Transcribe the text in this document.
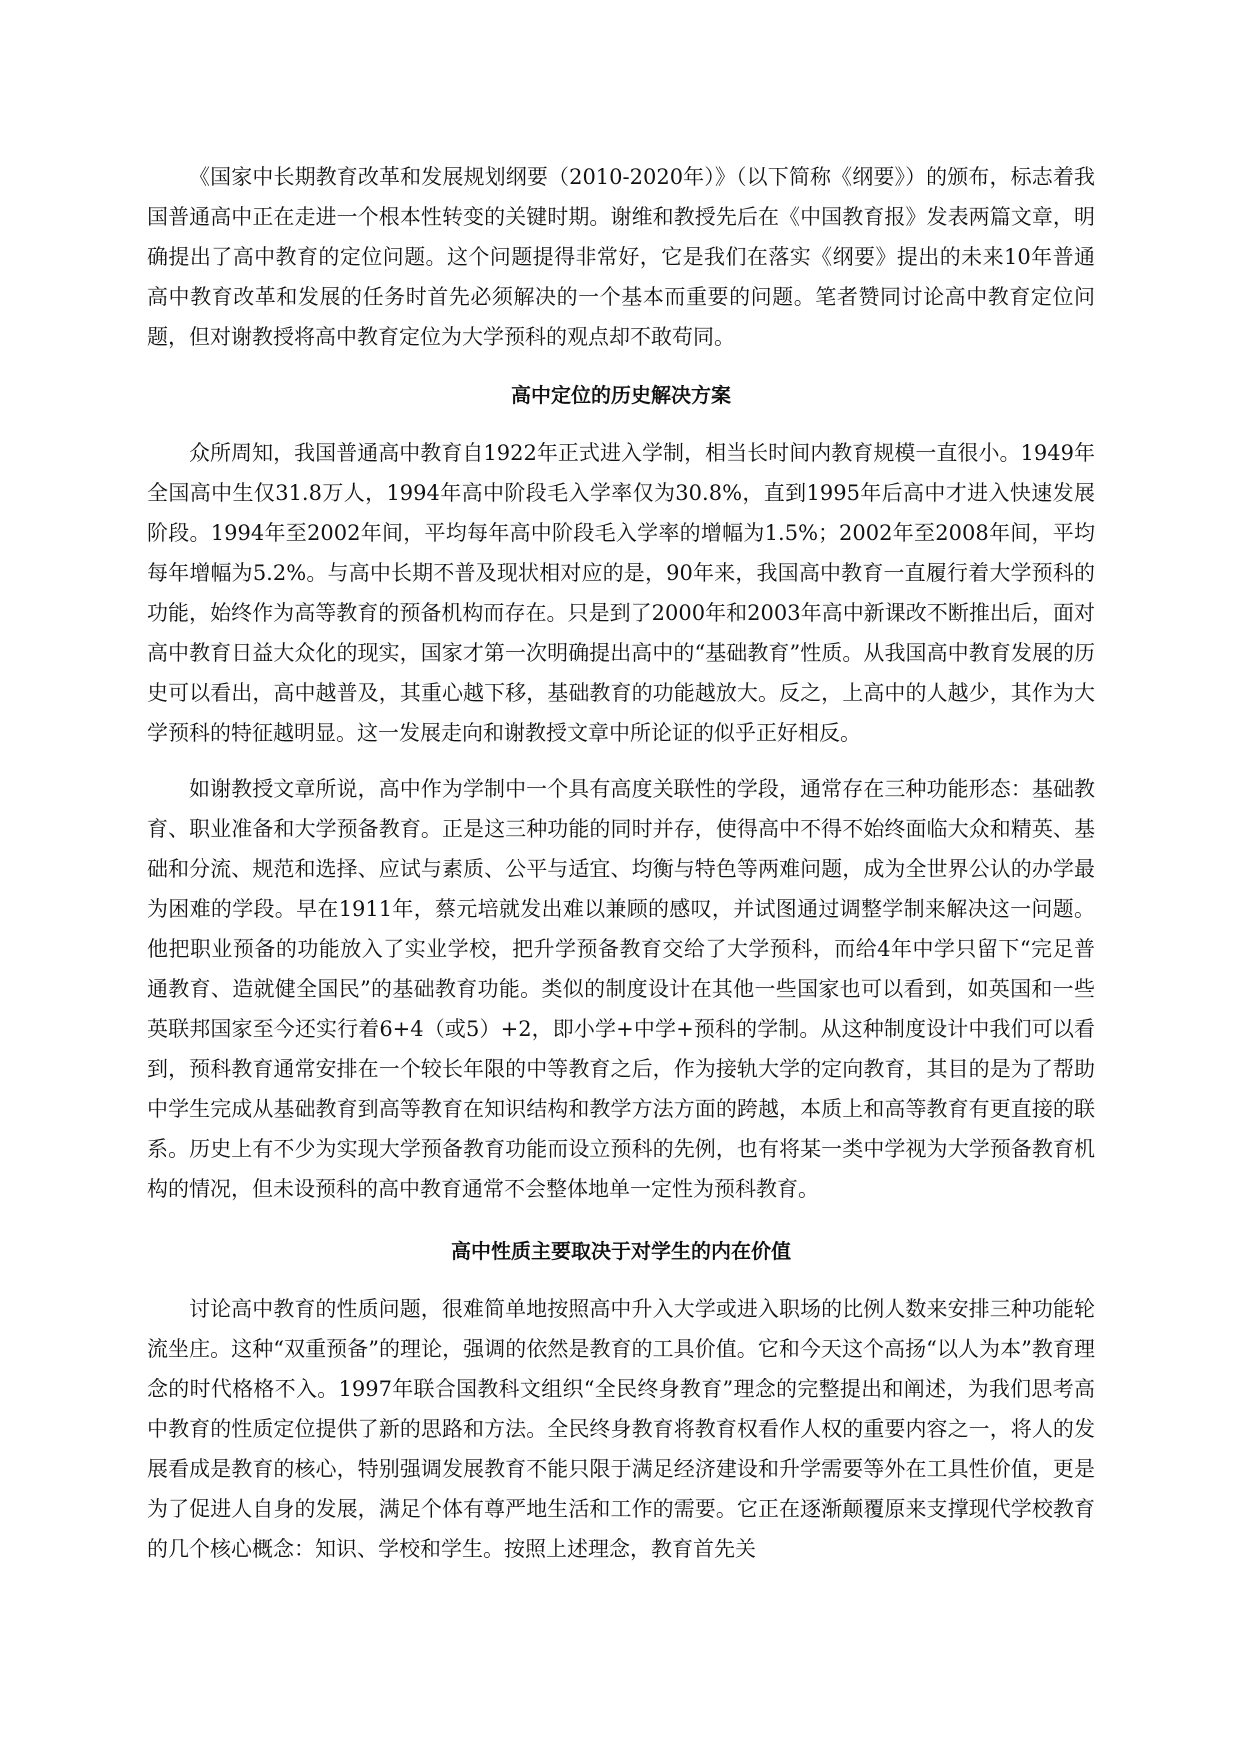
《国家中长期教育改革和发展规划纲要（2010-2020年）》（以下简称《纲要》）的颁布，标志着我国普通高中正在走进一个根本性转变的关键时期。谢维和教授先后在《中国教育报》发表两篇文章，明确提出了高中教育的定位问题。这个问题提得非常好，它是我们在落实《纲要》提出的未来10年普通高中教育改革和发展的任务时首先必须解决的一个基本而重要的问题。笔者赞同讨论高中教育定位问题，但对谢教授将高中教育定位为大学预科的观点却不敢苟同。

高中定位的历史解决方案

众所周知，我国普通高中教育自1922年正式进入学制，相当长时间内教育规模一直很小。1949年全国高中生仅31.8万人，1994年高中阶段毛入学率仅为30.8%，直到1995年后高中才进入快速发展阶段。1994年至2002年间，平均每年高中阶段毛入学率的增幅为1.5%；2002年至2008年间，平均每年增幅为5.2%。与高中长期不普及现状相对应的是，90年来，我国高中教育一直履行着大学预科的功能，始终作为高等教育的预备机构而存在。只是到了2000年和2003年高中新课改不断推出后，面对高中教育日益大众化的现实，国家才第一次明确提出高中的“基础教育”性质。从我国高中教育发展的历史可以看出，高中越普及，其重心越下移，基础教育的功能越放大。反之，上高中的人越少，其作为大学预科的特征越明显。这一发展走向和谢教授文章中所论证的似乎正好相反。

如谢教授文章所说，高中作为学制中一个具有高度关联性的学段，通常存在三种功能形态：基础教育、职业准备和大学预备教育。正是这三种功能的同时并存，使得高中不得不始终面临大众和精英、基础和分流、规范和选择、应试与素质、公平与适宜、均衡与特色等两难问题，成为全世界公认的办学最为困难的学段。早在1911年，蔡元培就发出难以兼顾的感叹，并试图通过调整学制来解决这一问题。他把职业预备的功能放入了实业学校，把升学预备教育交给了大学预科，而给4年中学只留下“完足普通教育、造就健全国民”的基础教育功能。类似的制度设计在其他一些国家也可以看到，如英国和一些英联邦国家至今还实行着6+4（或5）+2，即小学+中学+预科的学制。从这种制度设计中我们可以看到，预科教育通常安排在一个较长年限的中等教育之后，作为接轨大学的定向教育，其目的是为了帮助中学生完成从基础教育到高等教育在知识结构和教学方法方面的跨越，本质上和高等教育有更直接的联系。历史上有不少为实现大学预备教育功能而设立预科的先例，也有将某一类中学视为大学预备教育机构的情况，但未设预科的高中教育通常不会整体地单一定性为预科教育。

高中性质主要取决于对学生的内在价值

讨论高中教育的性质问题，很难简单地按照高中升入大学或进入职场的比例人数来安排三种功能轮流坐庄。这种“双重预备”的理论，强调的依然是教育的工具价值。它和今天这个高扬“以人为本”教育理念的时代格格不入。1997年联合国教科文组织“全民终身教育”理念的完整提出和阐述，为我们思考高中教育的性质定位提供了新的思路和方法。全民终身教育将教育权看作人权的重要内容之一，将人的发展看成是教育的核心，特别强调发展教育不能只限于满足经济建设和升学需要等外在工具性价值，更是为了促进人自身的发展，满足个体有尊严地生活和工作的需要。它正在逐渐颠覆原来支撑现代学校教育的几个核心概念：知识、学校和学生。按照上述理念，教育首先关
